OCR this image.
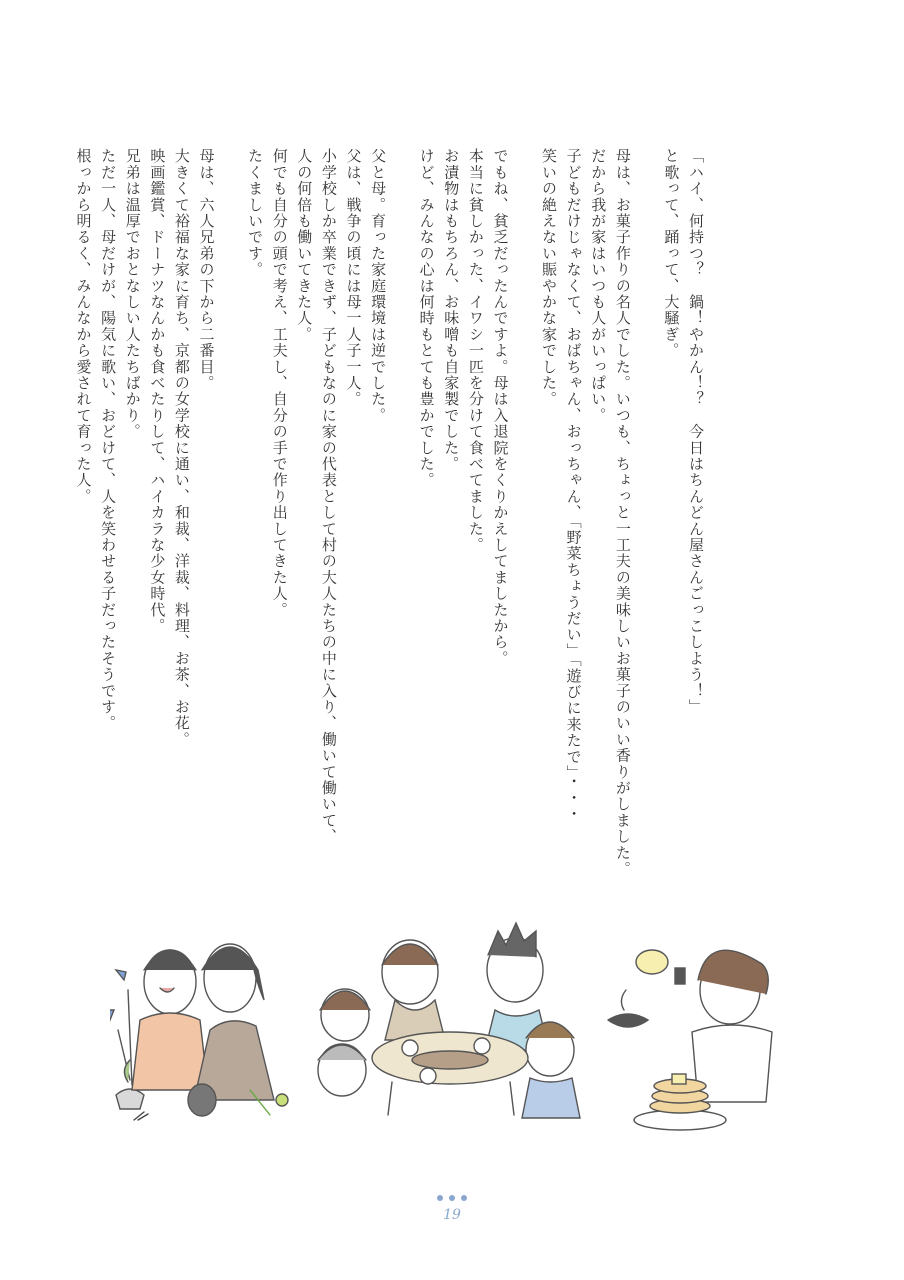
「ハイ、何持つ？　鍋！やかん！？　今日はちんどん屋さんごっこしよう！」
と歌って、踊って、大騒ぎ。
母は、お菓子作りの名人でした。いつも、ちょっと一工夫の美味しいお菓子のいい香りがしました。
だから我が家はいつも人がいっぱい。
子どもだけじゃなくて、おばちゃん、おっちゃん、「野菜ちょうだい」「遊びに来たで」・・・
笑いの絶えない賑やかな家でした。
でもね、貧乏だったんですよ。母は入退院をくりかえしてましたから。
本当に貧しかった、イワシ一匹を分けて食べてました。
お漬物はもちろん、お味噌も自家製でした。
けど、みんなの心は何時もとても豊かでした。
父と母。育った家庭環境は逆でした。
父は、戦争の頃には母一人子一人。
小学校しか卒業できず、子どもなのに家の代表として村の大人たちの中に入り、働いて働いて、
人の何倍も働いてきた人。
何でも自分の頭で考え、工夫し、自分の手で作り出してきた人。
たくましいです。
母は、六人兄弟の下から二番目。
大きくて裕福な家に育ち、京都の女学校に通い、和裁、洋裁、料理、お茶、お花。
映画鑑賞、ドーナツなんかも食べたりして、ハイカラな少女時代。
兄弟は温厚でおとなしい人たちばかり。
ただ一人、母だけが、陽気に歌い、おどけて、人を笑わせる子だったそうです。
根っから明るく、みんなから愛されて育った人。
19
